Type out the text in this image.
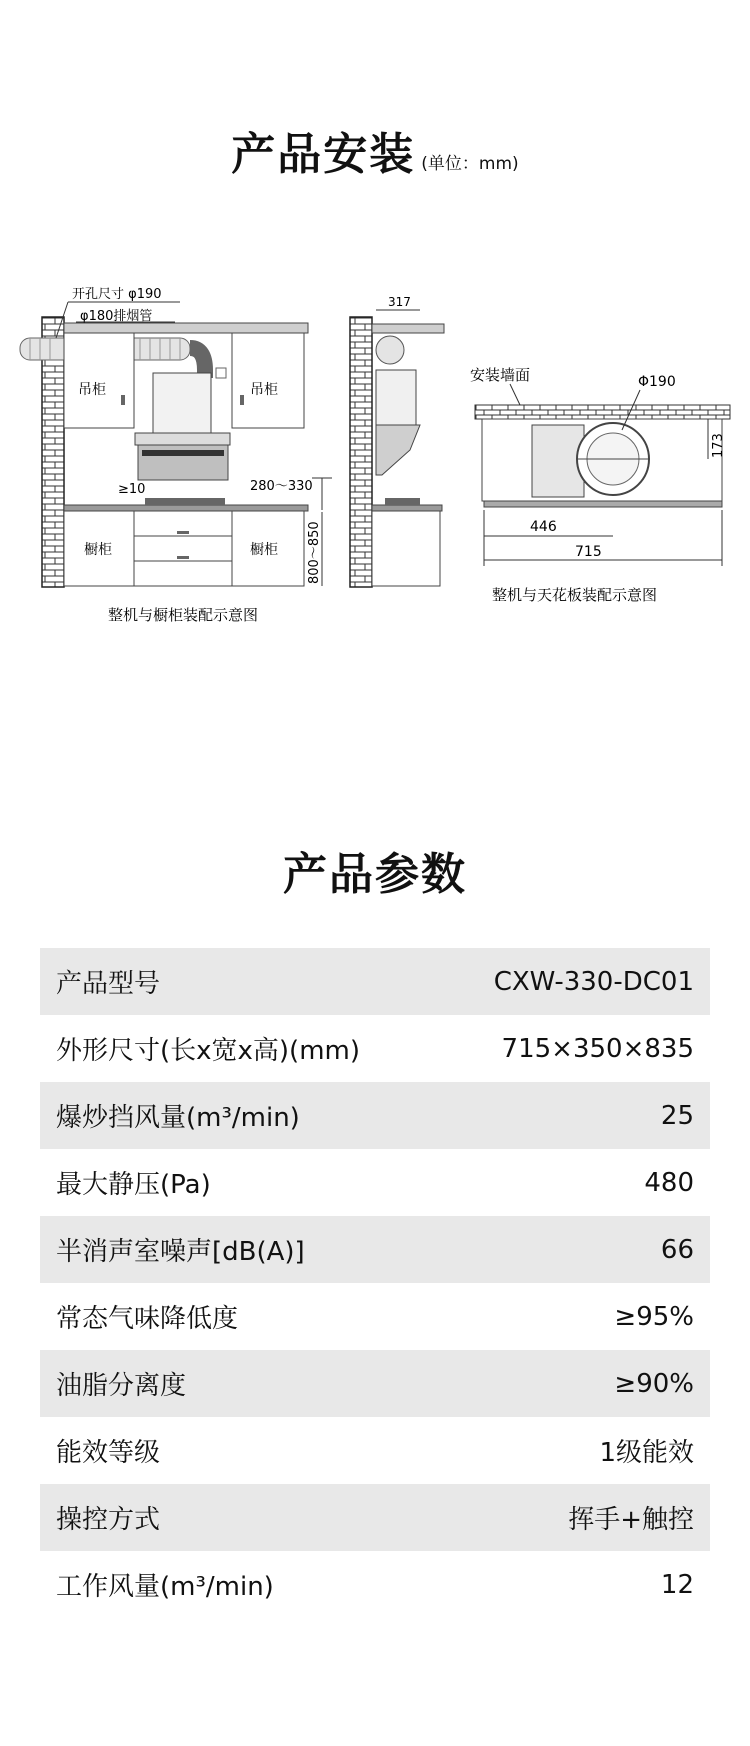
产品安装 (单位：mm)
开孔尺寸 φ190
φ180排烟管
吊柜	吊柜
≥10	280～330
橱柜	橱柜 800～850
整机与橱柜装配示意图
317
安装墙面	Φ190
173
446
715
整机与天花板装配示意图
产品参数
产品型号	CXW-330-DC01
外形尺寸(长x宽x高)(mm)	715×350×835
爆炒挡风量(m³/min)	25
最大静压(Pa)	480
半消声室噪声[dB(A)]	66
常态气味降低度	≥95%
油脂分离度	≥90%
能效等级	1级能效
操控方式	挥手+触控
工作风量(m³/min)	12
